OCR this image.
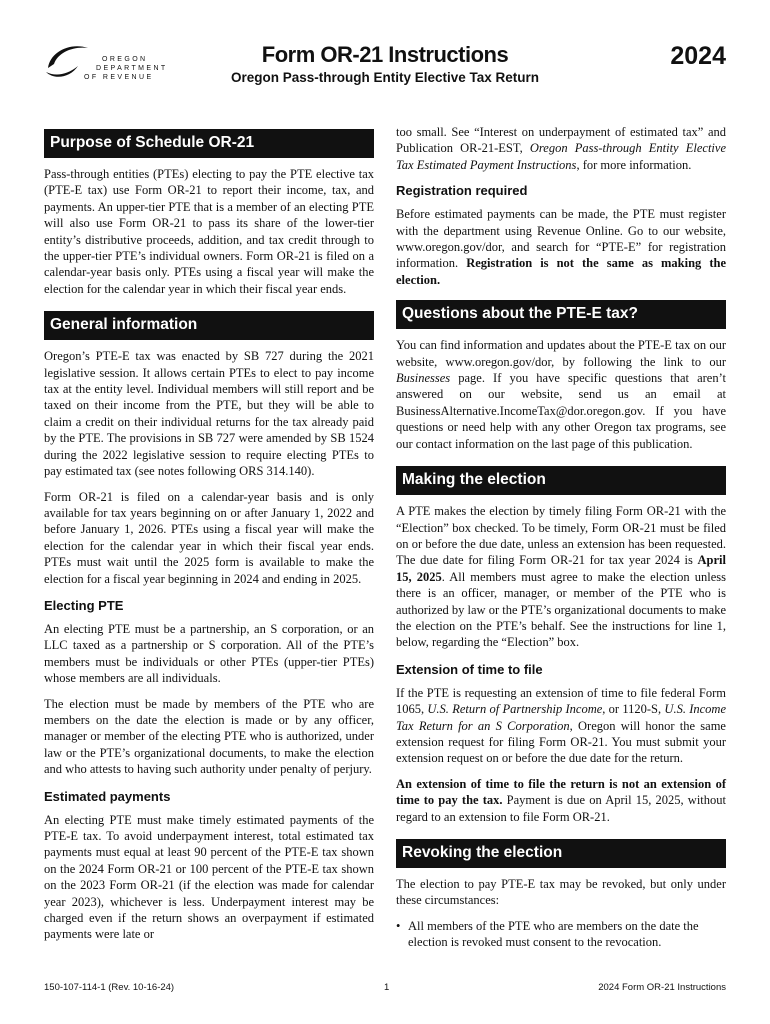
OREGON
DEPARTMENT
OF REVENUE
Form OR-21 Instructions
Oregon Pass-through Entity Elective Tax Return
2024
Purpose of Schedule OR-21

Pass-through entities (PTEs) electing to pay the PTE elective tax (PTE-E tax) use Form OR-21 to report their income, tax, and payments. An upper-tier PTE that is a member of an electing PTE will also use Form OR-21 to pass its share of the lower-tier entity’s distributive proceeds, addition, and tax credit through to the upper-tier PTE’s individual owners. Form OR-21 is filed on a calendar-year basis only. PTEs using a fiscal year will make the election for the calendar year in which their fiscal year ends.

General information

Oregon’s PTE-E tax was enacted by SB 727 during the 2021 legislative session. It allows certain PTEs to elect to pay income tax at the entity level. Individual members will still report and be taxed on their income from the PTE, but they will be able to claim a credit on their individual returns for the tax already paid by the PTE. The provisions in SB 727 were amended by SB 1524 during the 2022 legislative session to require electing PTEs to pay estimated tax (see notes following ORS 314.140).

Form OR-21 is filed on a calendar-year basis and is only available for tax years beginning on or after January 1, 2022 and before January 1, 2026. PTEs using a fiscal year will make the election for the calendar year in which their fiscal year ends. PTEs must wait until the 2025 form is available to make the election for a fiscal year beginning in 2024 and ending in 2025.

Electing PTE

An electing PTE must be a partnership, an S corporation, or an LLC taxed as a partnership or S corporation. All of the PTE’s members must be individuals or other PTEs (upper-tier PTEs) whose members are all individuals.

The election must be made by members of the PTE who are members on the date the election is made or by any officer, manager or member of the electing PTE who is authorized, under law or the PTE’s organizational documents, to make the election and who attests to having such authority under penalty of perjury.

Estimated payments

An electing PTE must make timely estimated payments of the PTE-E tax. To avoid underpayment interest, total estimated tax payments must equal at least 90 percent of the PTE-E tax shown on the 2024 Form OR-21 or 100 percent of the PTE-E tax shown on the 2023 Form OR-21 (if the election was made for calendar year 2023), whichever is less. Underpayment interest may be charged even if the return shows an overpayment if estimated payments were late or

too small. See “Interest on underpayment of estimated tax” and Publication OR-21-EST, Oregon Pass-through Entity Elective Tax Estimated Payment Instructions, for more information.

Registration required

Before estimated payments can be made, the PTE must register with the department using Revenue Online. Go to our website, www.oregon.gov/dor, and search for “PTE-E” for registration information. Registration is not the same as making the election.

Questions about the PTE-E tax?

You can find information and updates about the PTE-E tax on our website, www.oregon.gov/dor, by following the link to our Businesses page. If you have specific questions that aren’t answered on our website, send us an email at BusinessAlternative.IncomeTax@dor.oregon.gov. If you have questions or need help with any other Oregon tax programs, see our contact information on the last page of this publication.

Making the election

A PTE makes the election by timely filing Form OR-21 with the “Election” box checked. To be timely, Form OR-21 must be filed on or before the due date, unless an extension has been requested. The due date for filing Form OR-21 for tax year 2024 is April 15, 2025. All members must agree to make the election unless there is an officer, manager, or member of the PTE who is authorized by law or the PTE’s organizational documents to make the election on the PTE’s behalf. See the instructions for line 1, below, regarding the “Election” box.

Extension of time to file

If the PTE is requesting an extension of time to file federal Form 1065, U.S. Return of Partnership Income, or 1120-S, U.S. Income Tax Return for an S Corporation, Oregon will honor the same extension request for filing Form OR-21. You must submit your extension request on or before the due date for the return.

An extension of time to file the return is not an extension of time to pay the tax. Payment is due on April 15, 2025, without regard to an extension to file Form OR-21.

Revoking the election

The election to pay PTE-E tax may be revoked, but only under these circumstances:

• All members of the PTE who are members on the date the election is revoked must consent to the revocation.
150-107-114-1 (Rev. 10-16-24)	1	2024 Form OR-21 Instructions
